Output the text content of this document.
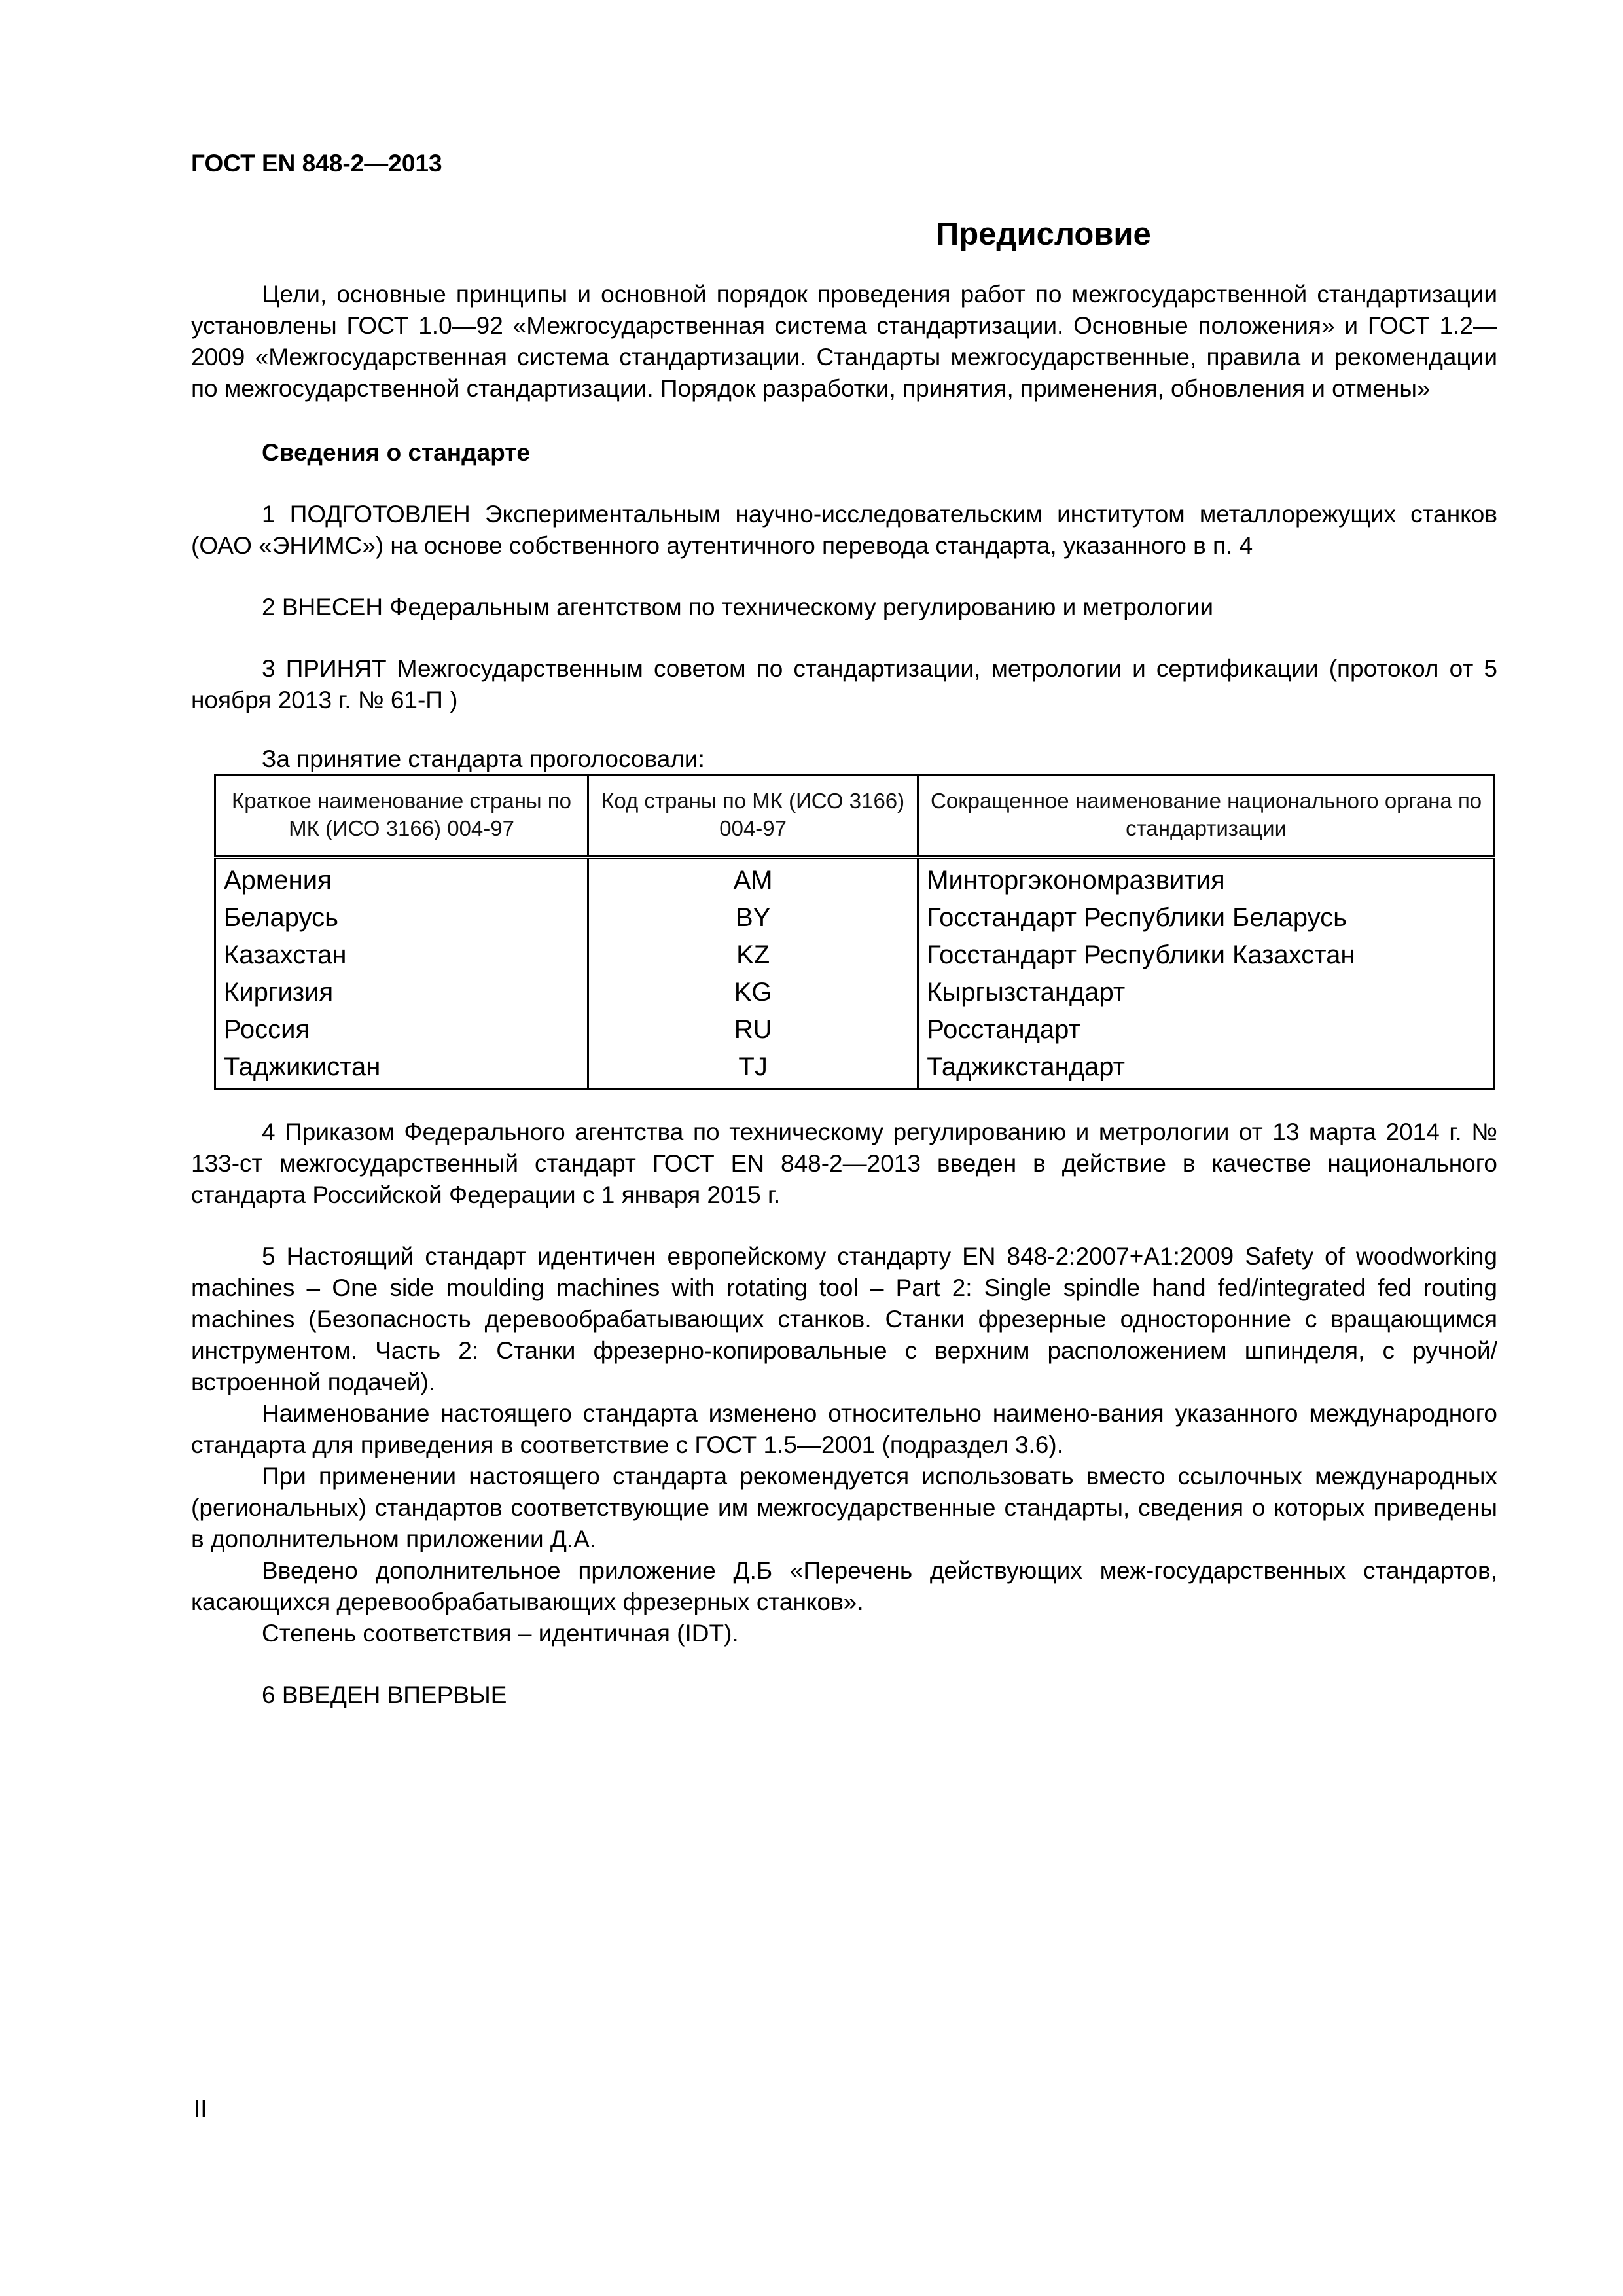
ГОСТ EN 848-2—2013
Предисловие

Цели, основные принципы и основной порядок проведения работ по межгосударственной стандартизации установлены ГОСТ 1.0—92 «Межгосударственная система стандартизации. Основные положения» и ГОСТ 1.2—2009 «Межгосударственная система стандартизации. Стандарты межгосударственные, правила и рекомендации по межгосударственной стандартизации. Порядок разработки, принятия, применения, обновления и отмены»

Сведения о стандарте

1 ПОДГОТОВЛЕН Экспериментальным научно-исследовательским институтом металлорежущих станков (ОАО «ЭНИМС») на основе собственного аутентичного перевода стандарта, указанного в п. 4

2 ВНЕСЕН Федеральным агентством по техническому регулированию и метрологии

3 ПРИНЯТ Межгосударственным советом по стандартизации, метрологии и сертификации (протокол от 5 ноября 2013 г. № 61-П )

За принятие стандарта проголосовали:

Краткое наименование страны по МК (ИСО 3166) 004-97	Код страны по МК (ИСО 3166) 004-97	Сокращенное наименование национального органа по стандартизации
Армения	AM	Минторгэкономразвития
Беларусь	BY	Госстандарт Республики Беларусь
Казахстан	KZ	Госстандарт Республики Казахстан
Киргизия	KG	Кыргызстандарт
Россия	RU	Росстандарт
Таджикистан	TJ	Таджикстандарт

4 Приказом Федерального агентства по техническому регулированию и метрологии от 13 марта 2014 г. № 133-ст межгосударственный стандарт ГОСТ EN 848-2—2013 введен в действие в качестве национального стандарта Российской Федерации с 1 января 2015 г.

5 Настоящий стандарт идентичен европейскому стандарту EN 848-2:2007+A1:2009 Safety of woodworking machines – One side moulding machines with rotating tool – Part 2: Single spindle hand fed/integrated fed routing machines (Безопасность деревообрабатывающих станков. Станки фрезерные односторонние с вращающимся инструментом. Часть 2: Станки фрезерно-копировальные с верхним расположением шпинделя, с ручной/встроенной подачей).

Наименование настоящего стандарта изменено относительно наимено-вания указанного международного стандарта для приведения в соответствие с ГОСТ 1.5—2001 (подраздел 3.6).

При применении настоящего стандарта рекомендуется использовать вместо ссылочных международных (региональных) стандартов соответствующие им межгосударственные стандарты, сведения о которых приведены в дополнительном приложении Д.А.

Введено дополнительное приложение Д.Б «Перечень действующих меж-государственных стандартов, касающихся деревообрабатывающих фрезерных станков».

Степень соответствия – идентичная (IDT).

6 ВВЕДЕН ВПЕРВЫЕ

II
